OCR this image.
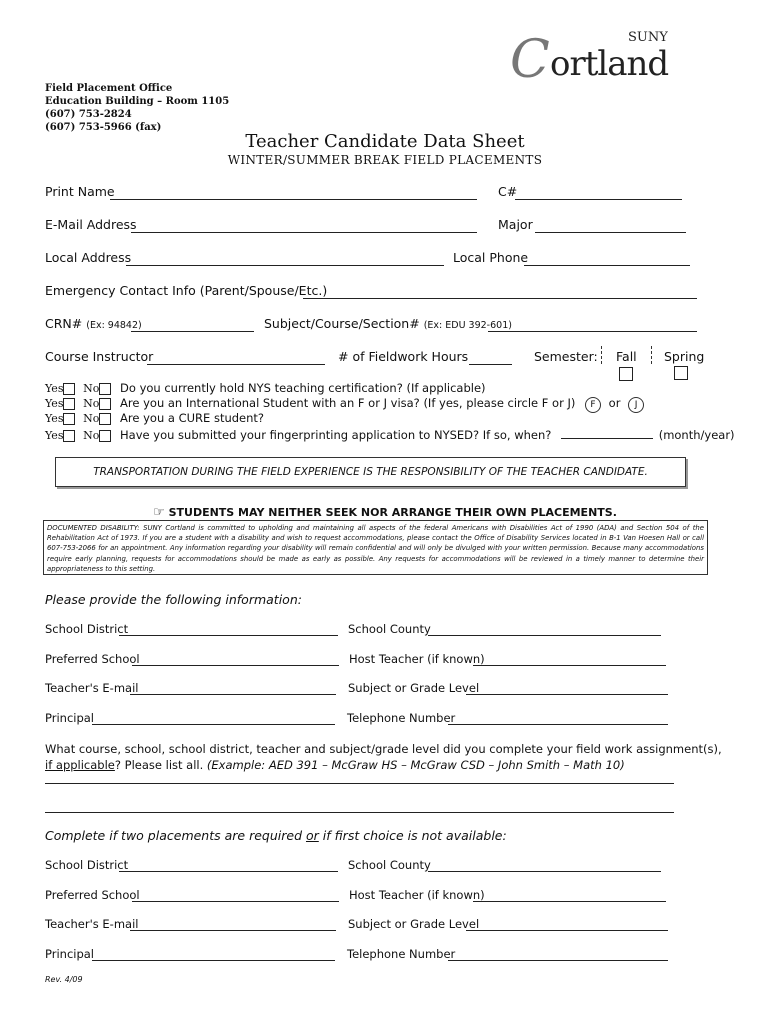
SUNY
C ortland
Field Placement Office
Education Building – Room 1105
(607) 753-2824
(607) 753-5966 (fax)
Teacher Candidate Data Sheet
WINTER/SUMMER BREAK FIELD PLACEMENTS
Print Name	C#
E-Mail Address	Major
Local Address	Local Phone
Emergency Contact Info (Parent/Spouse/Etc.)
CRN# (Ex: 94842)	Subject/Course/Section# (Ex: EDU 392-601)
Course Instructor	# of Fieldwork Hours	Semester: Fall Spring
Yes No Do you currently hold NYS teaching certification? (If applicable)
Yes No Are you an International Student with an F or J visa? (If yes, please circle F or J) F or J
Yes No Are you a CURE student?
Yes No Have you submitted your fingerprinting application to NYSED? If so, when?	(month/year)
TRANSPORTATION DURING THE FIELD EXPERIENCE IS THE RESPONSIBILITY OF THE TEACHER CANDIDATE.
☞ STUDENTS MAY NEITHER SEEK NOR ARRANGE THEIR OWN PLACEMENTS.
DOCUMENTED DISABILITY: SUNY Cortland is committed to upholding and maintaining all aspects of the federal Americans with Disabilities Act of 1990 (ADA) and Section 504 of the Rehabilitation Act of 1973. If you are a student with a disability and wish to request accommodations, please contact the Office of Disability Services located in B-1 Van Hoesen Hall or call 607-753-2066 for an appointment. Any information regarding your disability will remain confidential and will only be divulged with your written permission. Because many accommodations require early planning, requests for accommodations should be made as early as possible. Any requests for accommodations will be reviewed in a timely manner to determine their appropriateness to this setting.
Please provide the following information:
School District	School County
Preferred School	Host Teacher (if known)
Teacher's E-mail	Subject or Grade Level
Principal	Telephone Number
What course, school, school district, teacher and subject/grade level did you complete your field work assignment(s),
if applicable? Please list all. (Example: AED 391 – McGraw HS – McGraw CSD – John Smith – Math 10)
Complete if two placements are required or if first choice is not available:
School District	School County
Preferred School	Host Teacher (if known)
Teacher's E-mail	Subject or Grade Level
Principal	Telephone Number
Rev. 4/09
